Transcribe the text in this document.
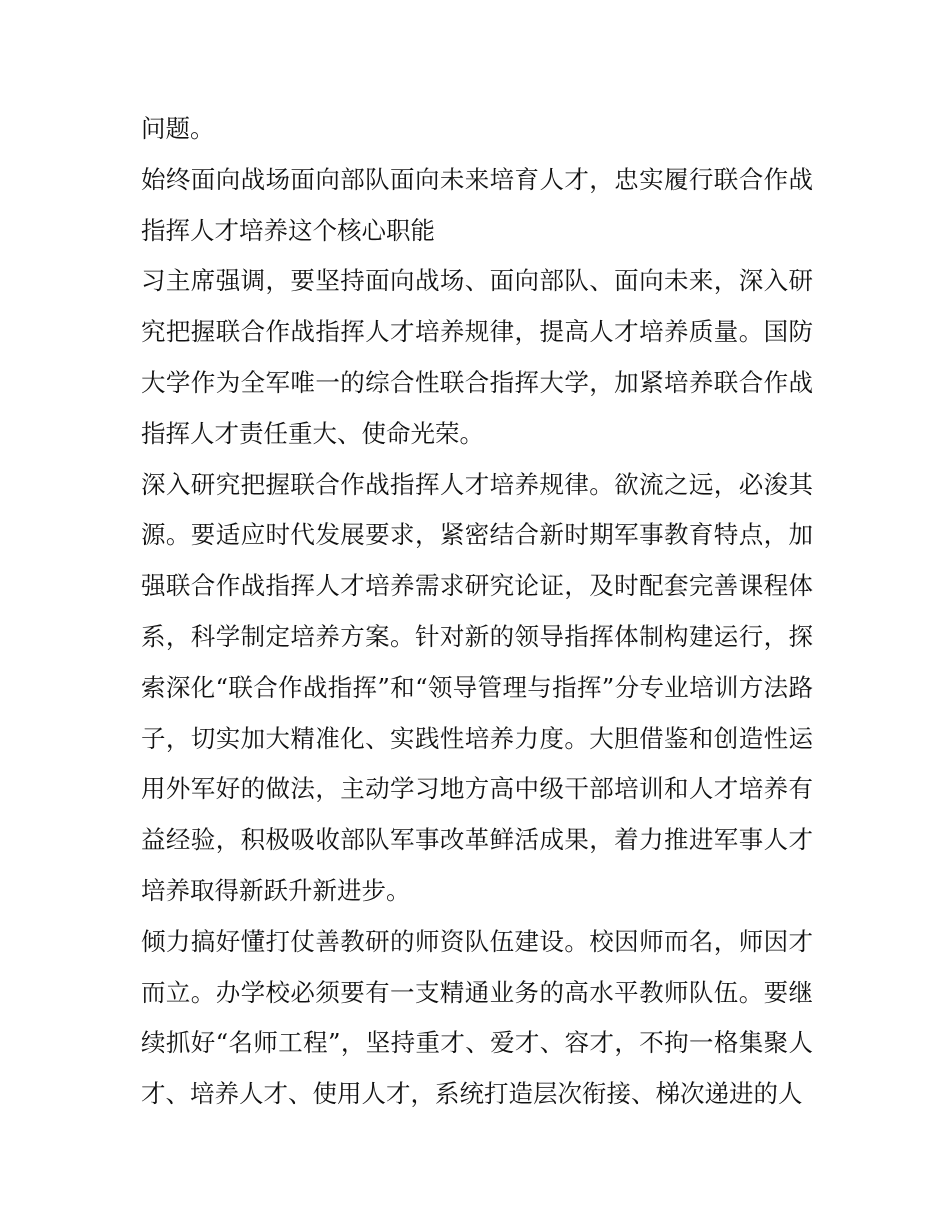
问题。

始终面向战场面向部队面向未来培育人才，忠实履行联合作战指挥人才培养这个核心职能

习主席强调，要坚持面向战场、面向部队、面向未来，深入研究把握联合作战指挥人才培养规律，提高人才培养质量。国防大学作为全军唯一的综合性联合指挥大学，加紧培养联合作战指挥人才责任重大、使命光荣。

深入研究把握联合作战指挥人才培养规律。欲流之远，必浚其源。要适应时代发展要求，紧密结合新时期军事教育特点，加强联合作战指挥人才培养需求研究论证，及时配套完善课程体系，科学制定培养方案。针对新的领导指挥体制构建运行，探索深化“联合作战指挥”和“领导管理与指挥”分专业培训方法路子，切实加大精准化、实践性培养力度。大胆借鉴和创造性运用外军好的做法，主动学习地方高中级干部培训和人才培养有益经验，积极吸收部队军事改革鲜活成果，着力推进军事人才培养取得新跃升新进步。

倾力搞好懂打仗善教研的师资队伍建设。校因师而名，师因才而立。办学校必须要有一支精通业务的高水平教师队伍。要继续抓好“名师工程”，坚持重才、爱才、容才，不拘一格集聚人才、培养人才、使用人才，系统打造层次衔接、梯次递进的人
